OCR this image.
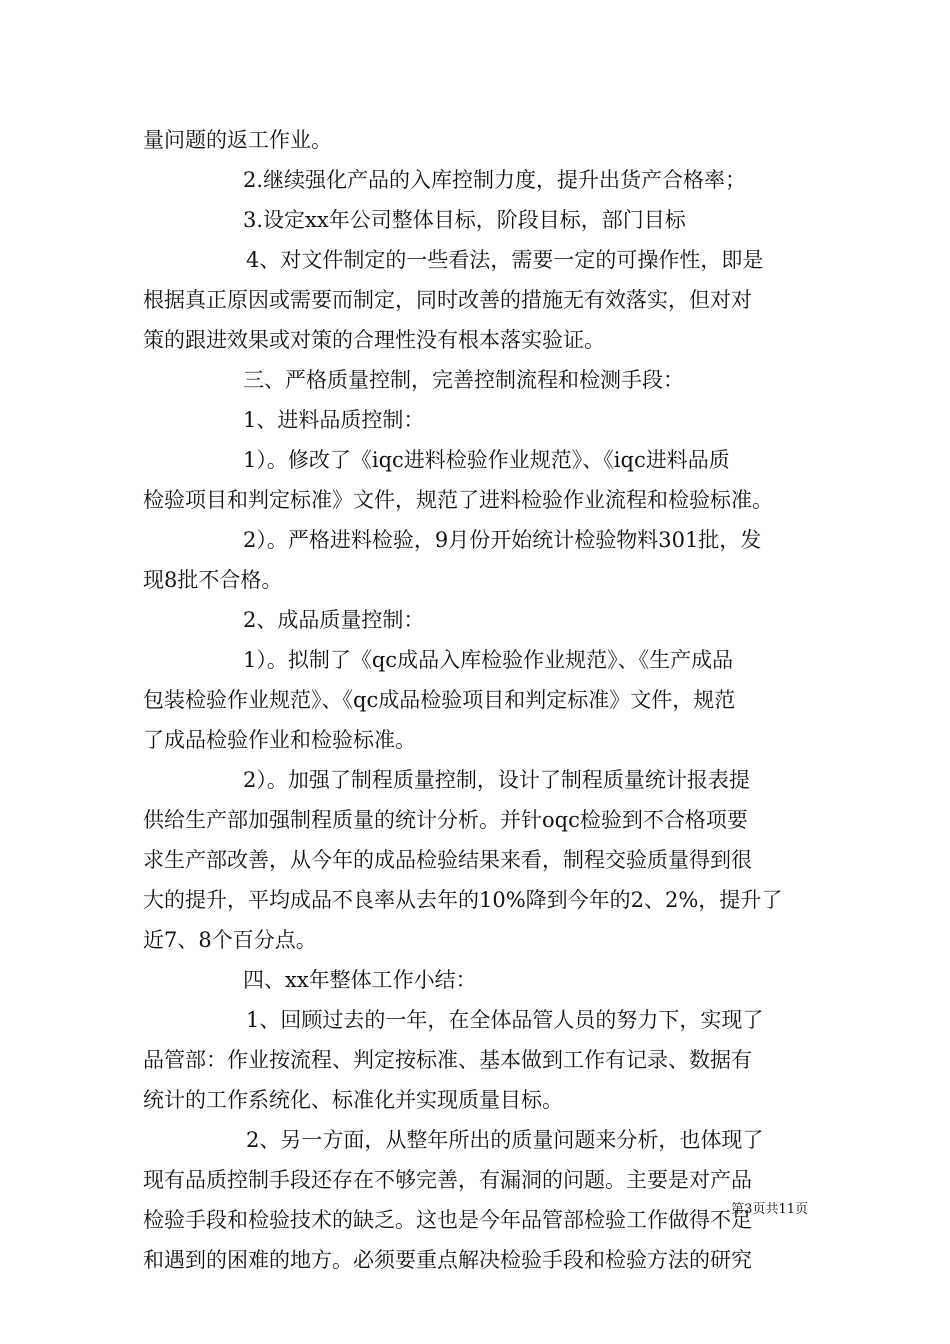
量问题的返工作业。
2.继续强化产品的入库控制力度，提升出货产合格率；
3.设定xx年公司整体目标，阶段目标，部门目标
4、对文件制定的一些看法，需要一定的可操作性，即是
根据真正原因或需要而制定，同时改善的措施无有效落实，但对对
策的跟进效果或对策的合理性没有根本落实验证。
三、严格质量控制，完善控制流程和检测手段：
1、进料品质控制：
1）。修改了《iqc进料检验作业规范》、《iqc进料品质
检验项目和判定标准》文件，规范了进料检验作业流程和检验标准。
2）。严格进料检验，9月份开始统计检验物料301批，发
现8批不合格。
2、成品质量控制：
1）。拟制了《qc成品入库检验作业规范》、《生产成品
包装检验作业规范》、《qc成品检验项目和判定标准》文件，规范
了成品检验作业和检验标准。
2）。加强了制程质量控制，设计了制程质量统计报表提
供给生产部加强制程质量的统计分析。并针oqc检验到不合格项要
求生产部改善，从今年的成品检验结果来看，制程交验质量得到很
大的提升，平均成品不良率从去年的10%降到今年的2、2%，提升了
近7、8个百分点。
四、xx年整体工作小结：
1、回顾过去的一年，在全体品管人员的努力下，实现了
品管部：作业按流程、判定按标准、基本做到工作有记录、数据有
统计的工作系统化、标准化并实现质量目标。
2、另一方面，从整年所出的质量问题来分析，也体现了
现有品质控制手段还存在不够完善，有漏洞的问题。主要是对产品
检验手段和检验技术的缺乏。这也是今年品管部检验工作做得不足
和遇到的困难的地方。必须要重点解决检验手段和检验方法的研究
第3页共11页
